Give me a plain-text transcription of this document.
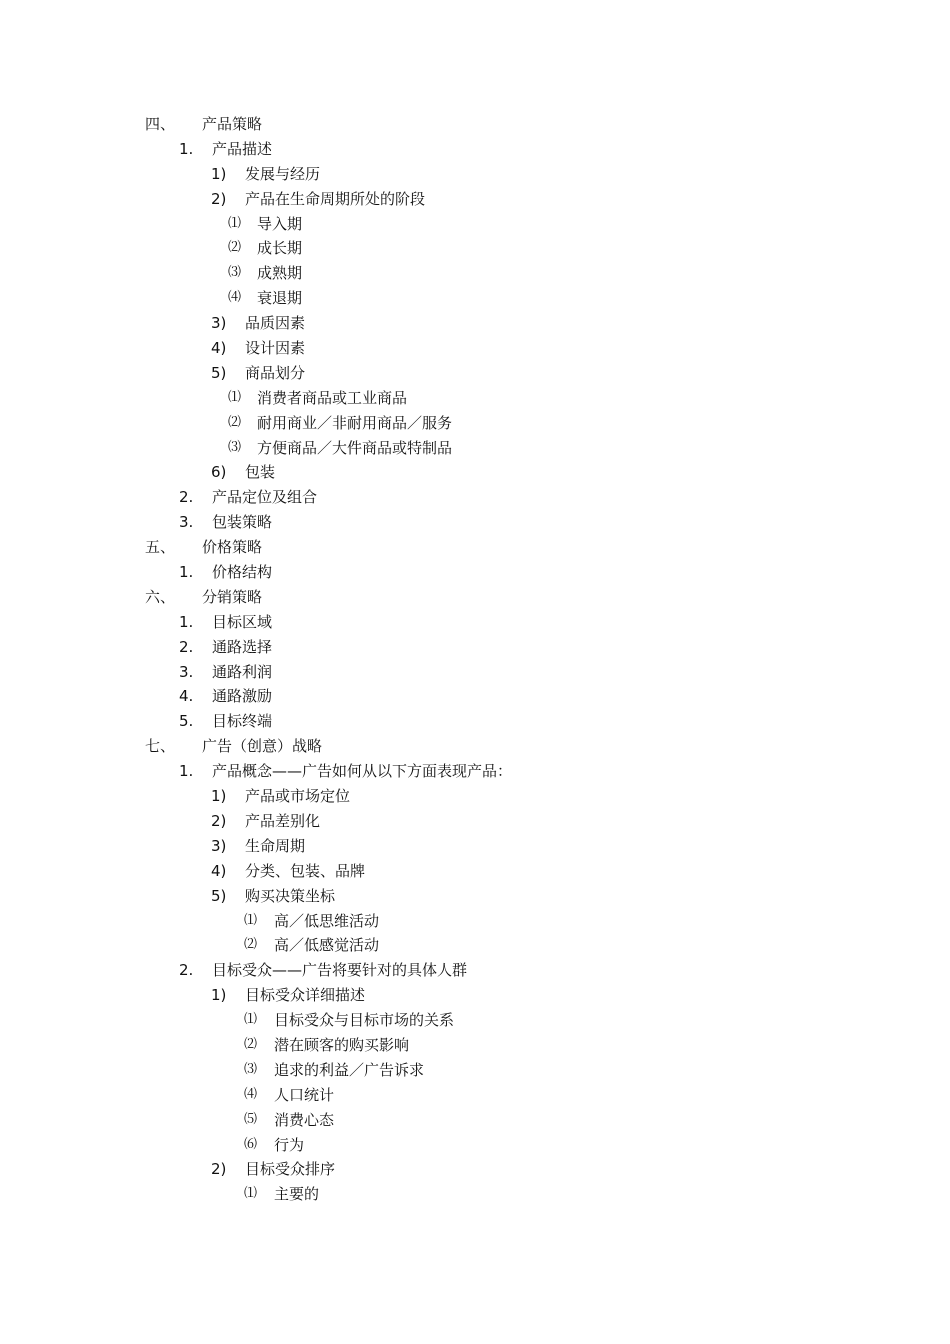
四、 产品策略
1. 产品描述
1) 发展与经历
2) 产品在生命周期所处的阶段
⑴ 导入期
⑵ 成长期
⑶ 成熟期
⑷ 衰退期
3) 品质因素
4) 设计因素
5) 商品划分
⑴ 消费者商品或工业商品
⑵ 耐用商业／非耐用商品／服务
⑶ 方便商品／大件商品或特制品
6) 包装
2. 产品定位及组合
3. 包装策略
五、 价格策略
1. 价格结构
六、 分销策略
1. 目标区域
2. 通路选择
3. 通路利润
4. 通路激励
5. 目标终端
七、 广告（创意）战略
1. 产品概念——广告如何从以下方面表现产品：
1) 产品或市场定位
2) 产品差别化
3) 生命周期
4) 分类、包装、品牌
5) 购买决策坐标
⑴ 高／低思维活动
⑵ 高／低感觉活动
2. 目标受众——广告将要针对的具体人群
1) 目标受众详细描述
⑴ 目标受众与目标市场的关系
⑵ 潜在顾客的购买影响
⑶ 追求的利益／广告诉求
⑷ 人口统计
⑸ 消费心态
⑹ 行为
2) 目标受众排序
⑴ 主要的
